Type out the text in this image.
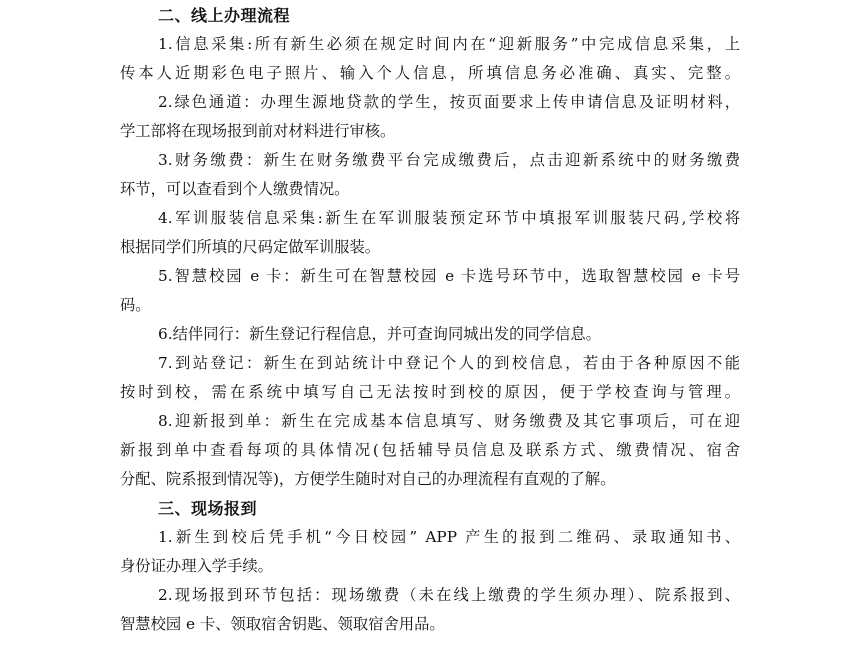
二、线上办理流程
1.信息采集:所有新生必须在规定时间内在“迎新服务”中完成信息采集，上
传本人近期彩色电子照片、输入个人信息，所填信息务必准确、真实、完整。
2.绿色通道：办理生源地贷款的学生，按页面要求上传申请信息及证明材料，
学工部将在现场报到前对材料进行审核。
3.财务缴费：新生在财务缴费平台完成缴费后，点击迎新系统中的财务缴费
环节，可以查看到个人缴费情况。
4.军训服装信息采集:新生在军训服装预定环节中填报军训服装尺码,学校将
根据同学们所填的尺码定做军训服装。
5.智慧校园 e 卡：新生可在智慧校园 e 卡选号环节中，选取智慧校园 e 卡号
码。
6.结伴同行：新生登记行程信息，并可查询同城出发的同学信息。
7.到站登记：新生在到站统计中登记个人的到校信息，若由于各种原因不能
按时到校，需在系统中填写自己无法按时到校的原因，便于学校查询与管理。
8.迎新报到单：新生在完成基本信息填写、财务缴费及其它事项后，可在迎
新报到单中查看每项的具体情况(包括辅导员信息及联系方式、缴费情况、宿舍
分配、院系报到情况等)，方便学生随时对自己的办理流程有直观的了解。
三、现场报到
1.新生到校后凭手机“今日校园” APP 产生的报到二维码、录取通知书、
身份证办理入学手续。
2.现场报到环节包括：现场缴费（未在线上缴费的学生须办理）、院系报到、
智慧校园 e 卡、领取宿舍钥匙、领取宿舍用品。
